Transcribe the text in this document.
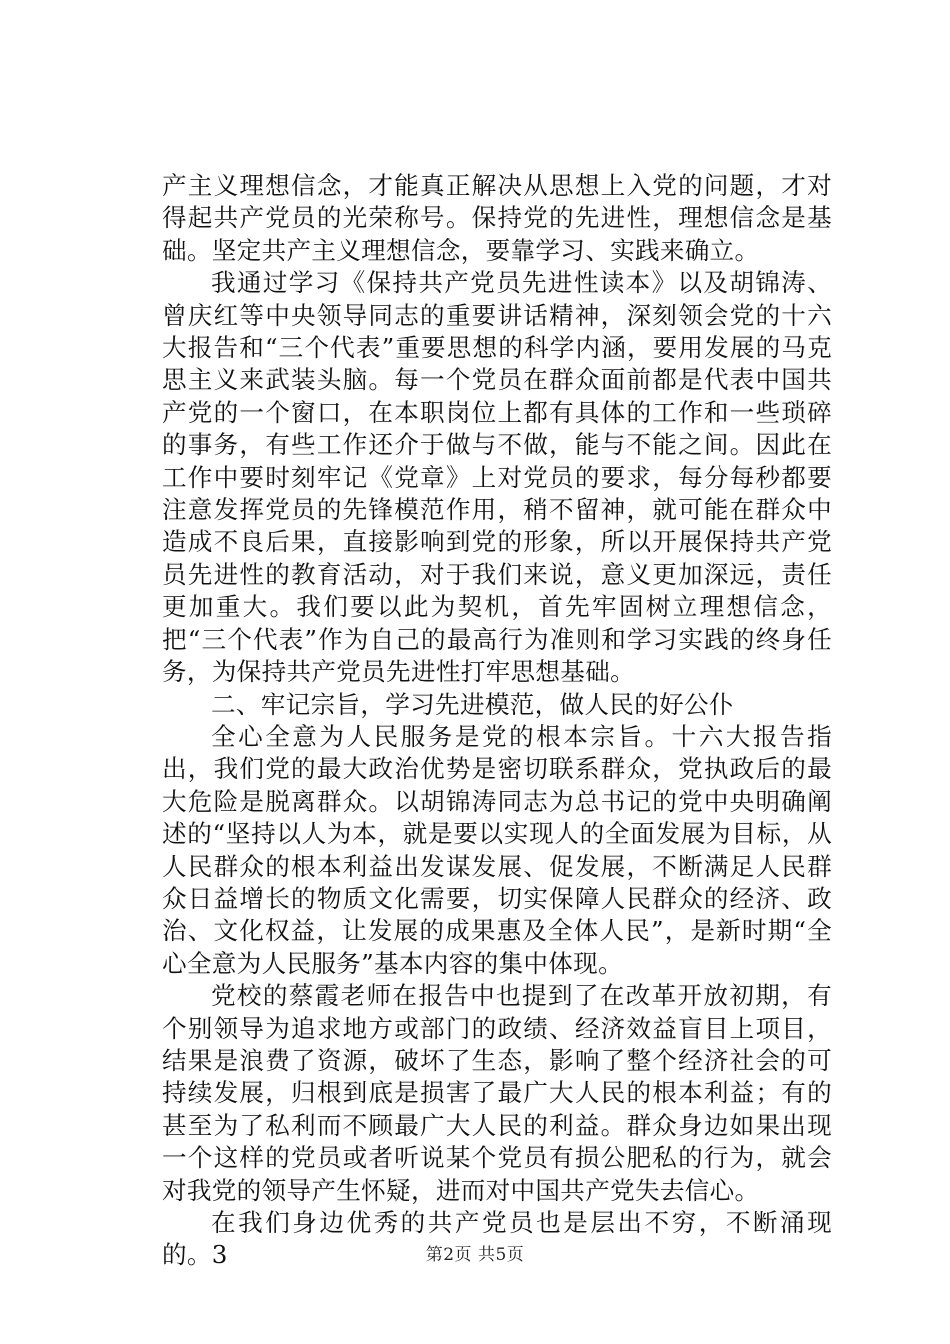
产主义理想信念，才能真正解决从思想上入党的问题，才对得起共产党员的光荣称号。保持党的先进性，理想信念是基础。坚定共产主义理想信念，要靠学习、实践来确立。

我通过学习《保持共产党员先进性读本》以及胡锦涛、曾庆红等中央领导同志的重要讲话精神，深刻领会党的十六大报告和“三个代表”重要思想的科学内涵，要用发展的马克思主义来武装头脑。每一个党员在群众面前都是代表中国共产党的一个窗口，在本职岗位上都有具体的工作和一些琐碎的事务，有些工作还介于做与不做，能与不能之间。因此在工作中要时刻牢记《党章》上对党员的要求，每分每秒都要注意发挥党员的先锋模范作用，稍不留神，就可能在群众中造成不良后果，直接影响到党的形象，所以开展保持共产党员先进性的教育活动，对于我们来说，意义更加深远，责任更加重大。我们要以此为契机，首先牢固树立理想信念，把“三个代表”作为自己的最高行为准则和学习实践的终身任务，为保持共产党员先进性打牢思想基础。

二、牢记宗旨，学习先进模范，做人民的好公仆

全心全意为人民服务是党的根本宗旨。十六大报告指出，我们党的最大政治优势是密切联系群众，党执政后的最大危险是脱离群众。以胡锦涛同志为总书记的党中央明确阐述的“坚持以人为本，就是要以实现人的全面发展为目标，从人民群众的根本利益出发谋发展、促发展，不断满足人民群众日益增长的物质文化需要，切实保障人民群众的经济、政治、文化权益，让发展的成果惠及全体人民”，是新时期“全心全意为人民服务”基本内容的集中体现。

党校的蔡霞老师在报告中也提到了在改革开放初期，有个别领导为追求地方或部门的政绩、经济效益盲目上项目，结果是浪费了资源，破坏了生态，影响了整个经济社会的可持续发展，归根到底是损害了最广大人民的根本利益；有的甚至为了私利而不顾最广大人民的利益。群众身边如果出现一个这样的党员或者听说某个党员有损公肥私的行为，就会对我党的领导产生怀疑，进而对中国共产党失去信心。

在我们身边优秀的共产党员也是层出不穷，不断涌现的。3	第2页 共5页
